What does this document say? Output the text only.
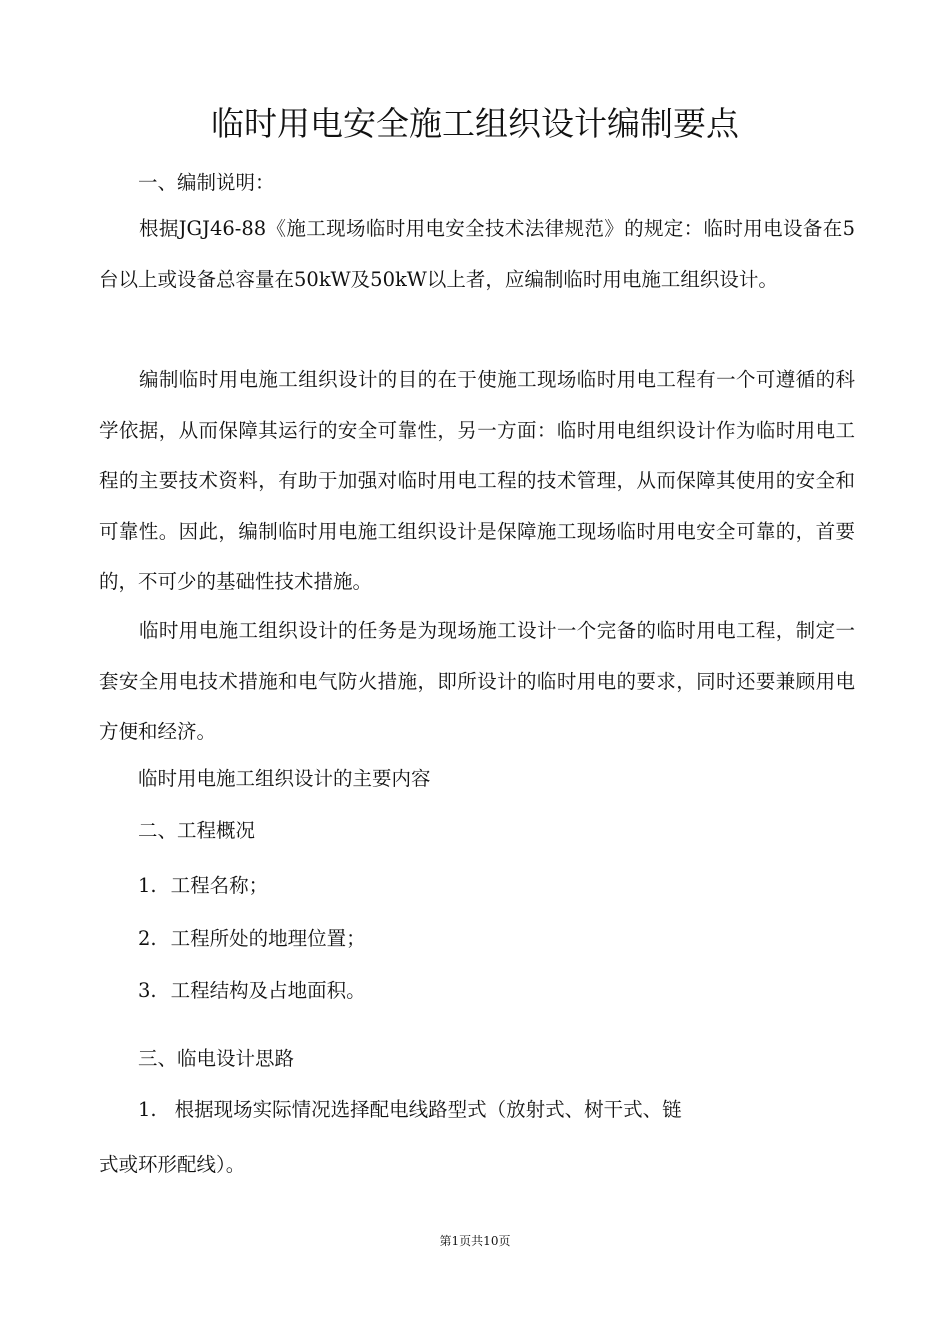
临时用电安全施工组织设计编制要点
一、编制说明：
根据JGJ46-88《施工现场临时用电安全技术法律规范》的规定：临时用电设备在5台以上或设备总容量在50kW及50kW以上者，应编制临时用电施工组织设计。
编制临时用电施工组织设计的目的在于使施工现场临时用电工程有一个可遵循的科学依据，从而保障其运行的安全可靠性，另一方面：临时用电组织设计作为临时用电工程的主要技术资料，有助于加强对临时用电工程的技术管理，从而保障其使用的安全和可靠性。因此，编制临时用电施工组织设计是保障施工现场临时用电安全可靠的，首要的，不可少的基础性技术措施。
临时用电施工组织设计的任务是为现场施工设计一个完备的临时用电工程，制定一套安全用电技术措施和电气防火措施，即所设计的临时用电的要求，同时还要兼顾用电方便和经济。
临时用电施工组织设计的主要内容
二、工程概况
1. 工程名称；
2. 工程所处的地理位置；
3. 工程结构及占地面积。
三、临电设计思路
1. 根据现场实际情况选择配电线路型式（放射式、树干式、链
式或环形配线）。
第1页共10页
